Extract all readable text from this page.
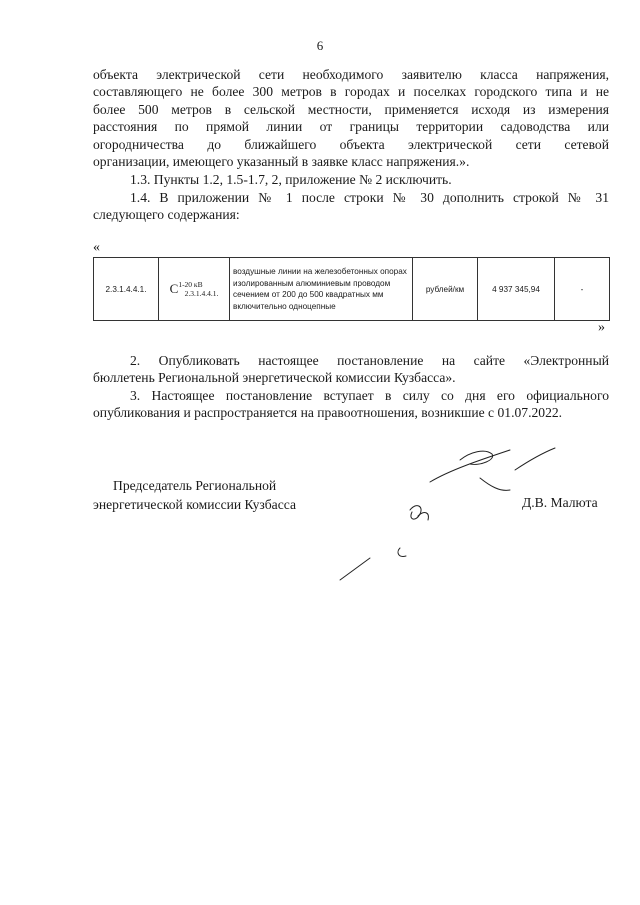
6
объекта электрической сети необходимого заявителю класса напряжения,
составляющего не более 300 метров в городах и поселках городского типа и не
более 500 метров в сельской местности, применяется исходя из измерения
расстояния по прямой линии от границы территории садоводства или
огородничества до ближайшего объекта электрической сети сетевой
организации, имеющего указанный в заявке класс напряжения.».
1.3. Пункты 1.2, 1.5-1.7, 2, приложение № 2 исключить.
1.4. В приложении № 1 после строки № 30 дополнить строкой № 31
следующего содержания:
«
2.3.1.4.4.1.	С1-20 кВ2.3.1.4.4.1.	воздушные линии на железобетонных опорах изолированным алюминиевым проводом сечением от 200 до 500 квадратных мм включительно одноцепные	рублей/км	4 937 345,94	-
»
2. Опубликовать настоящее постановление на сайте «Электронный
бюллетень Региональной энергетической комиссии Кузбасса».
3. Настоящее постановление вступает в силу со дня его официального
опубликования и распространяется на правоотношения, возникшие с 01.07.2022.
Председатель Региональной
энергетической комиссии Кузбасса	Д.В. Малюта
